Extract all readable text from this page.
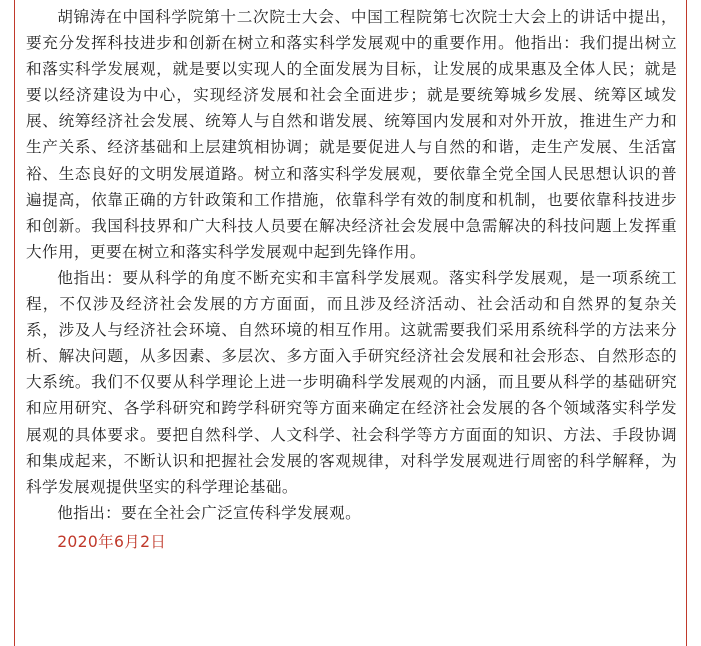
胡锦涛在中国科学院第十二次院士大会、中国工程院第七次院士大会上的讲话中提出，要充分发挥科技进步和创新在树立和落实科学发展观中的重要作用。他指出：我们提出树立和落实科学发展观，就是要以实现人的全面发展为目标，让发展的成果惠及全体人民；就是要以经济建设为中心，实现经济发展和社会全面进步；就是要统筹城乡发展、统筹区域发展、统筹经济社会发展、统筹人与自然和谐发展、统筹国内发展和对外开放，推进生产力和生产关系、经济基础和上层建筑相协调；就是要促进人与自然的和谐，走生产发展、生活富裕、生态良好的文明发展道路。树立和落实科学发展观，要依靠全党全国人民思想认识的普遍提高，依靠正确的方针政策和工作措施，依靠科学有效的制度和机制，也要依靠科技进步和创新。我国科技界和广大科技人员要在解决经济社会发展中急需解决的科技问题上发挥重大作用，更要在树立和落实科学发展观中起到先锋作用。

他指出：要从科学的角度不断充实和丰富科学发展观。落实科学发展观，是一项系统工程，不仅涉及经济社会发展的方方面面，而且涉及经济活动、社会活动和自然界的复杂关系，涉及人与经济社会环境、自然环境的相互作用。这就需要我们采用系统科学的方法来分析、解决问题，从多因素、多层次、多方面入手研究经济社会发展和社会形态、自然形态的大系统。我们不仅要从科学理论上进一步明确科学发展观的内涵，而且要从科学的基础研究和应用研究、各学科研究和跨学科研究等方面来确定在经济社会发展的各个领域落实科学发展观的具体要求。要把自然科学、人文科学、社会科学等方方面面的知识、方法、手段协调和集成起来，不断认识和把握社会发展的客观规律，对科学发展观进行周密的科学解释，为科学发展观提供坚实的科学理论基础。

他指出：要在全社会广泛宣传科学发展观。

2020年6月2日
